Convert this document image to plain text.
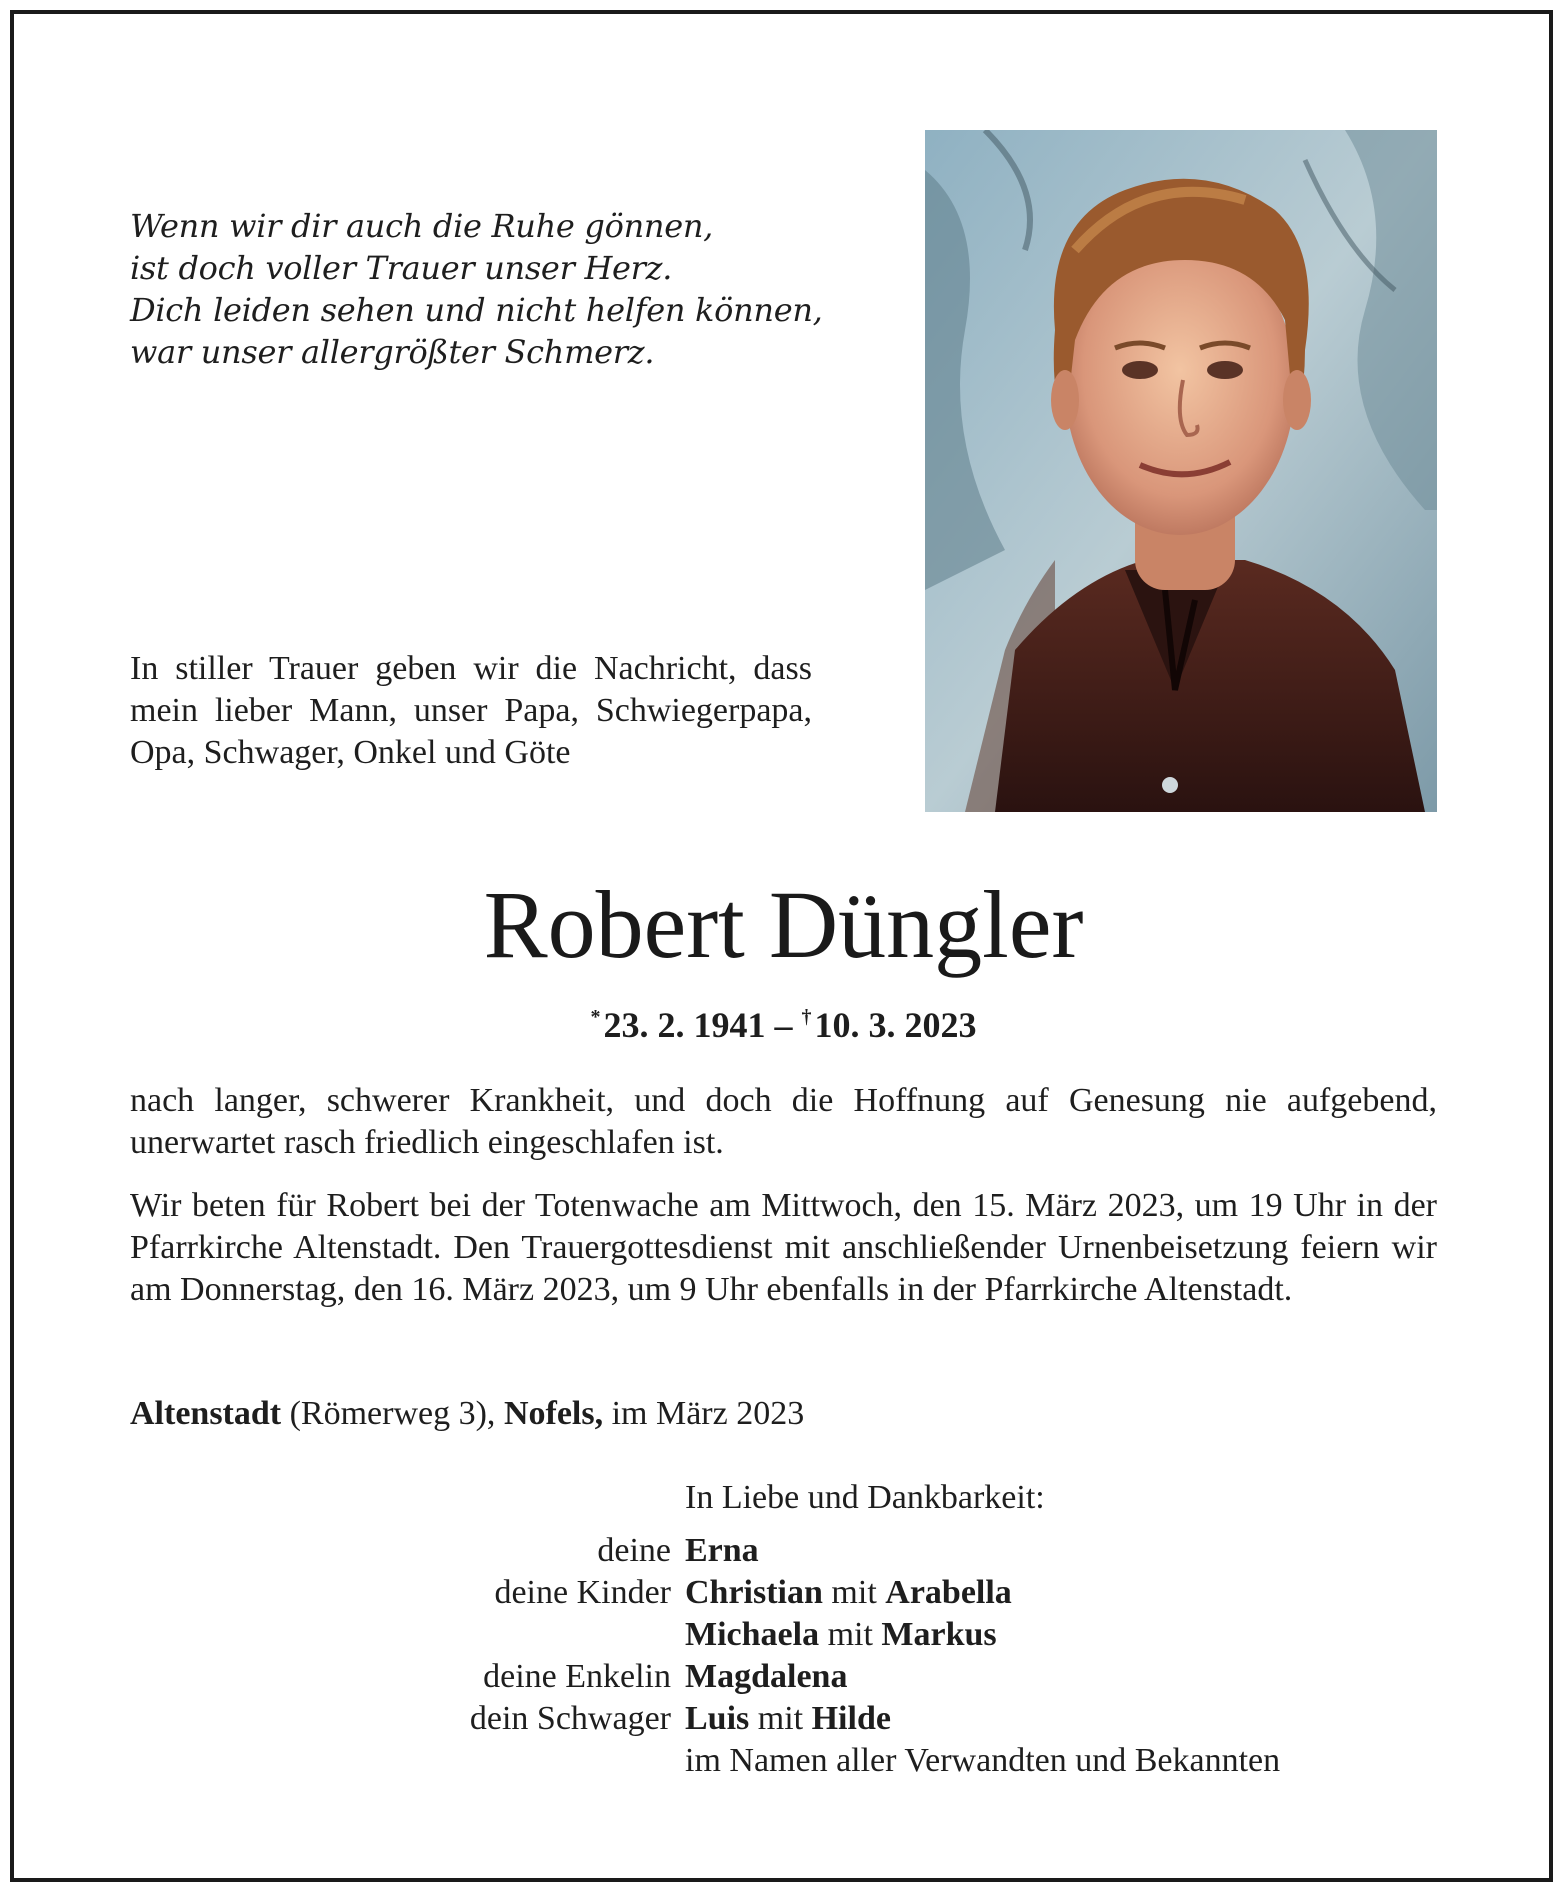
Wenn wir dir auch die Ruhe gönnen,
ist doch voller Trauer unser Herz.
Dich leiden sehen und nicht helfen können,
war unser allergrößter Schmerz.
In stiller Trauer geben wir die Nachricht, dass mein lieber Mann, unser Papa, Schwiegerpapa, Opa, Schwager, Onkel und Göte
Robert Düngler
* 23. 2. 1941 – † 10. 3. 2023
nach langer, schwerer Krankheit, und doch die Hoffnung auf Genesung nie aufgebend, unerwartet rasch friedlich eingeschlafen ist.
Wir beten für Robert bei der Totenwache am Mittwoch, den 15. März 2023, um 19 Uhr in der Pfarrkirche Altenstadt. Den Trauergottesdienst mit anschließender Urnenbeisetzung feiern wir am Donnerstag, den 16. März 2023, um 9 Uhr ebenfalls in der Pfarrkirche Altenstadt.
Altenstadt (Römerweg 3), Nofels, im März 2023
In Liebe und Dankbarkeit:
deine Erna
deine Kinder Christian mit Arabella
Michaela mit Markus
deine Enkelin Magdalena
dein Schwager Luis mit Hilde
im Namen aller Verwandten und Bekannten
